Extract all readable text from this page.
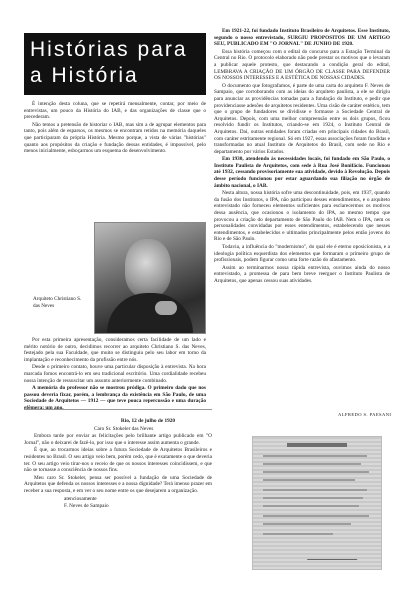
Histórias para
a História

É intenção desta coluna, que se repetirá mensalmente, contar, por meio de entrevistas, um pouco da História do IAB, e das organizações de classe que o precederam.

Não temos a pretensão de historiar o IAB, mas sim a de agrupar elementos para tanto, pois além de esparsos, os mesmos se encontram retidos na memória daqueles que participaram da própria História. Mesmo porque, a vista de várias "histórias" quanto aos propósitos da criação e fundação dessas entidades, é impossível, pelo menos inicialmente, esboçarmos um esquema do desenvolvimento.

Arquiteto Christiano S. das Neves

Por esta primeira apresentação, consideramos certa facilidade de um lado e mérito notório de outro, decidimos recorrer ao arquiteto Christiano S. das Neves, festejado pela sua Faculdade, que muito se distinguiu pelo seu labor em torno da implantação e reconhecimento da profissão entre nós.

Desde o primeiro contato, houve uma particular disposição à entrevista. Na hora marcada fomos encontrá-lo em seu tradicional escritório. Uma cordialidade recebeu nossa intenção de ressuscitar um assunto anteriormente combinado.

A memória do professor não se mostrou pródiga. O primeiro dado que nos passou deveria fixar, porém, a lembrança da existência em São Paulo, de uma Sociedade de Arquitetos — 1912 — que teve pouca repercussão e uma duração efêmera; um ano.

Em 1921-22, foi fundado Instituto Brasileiro de Arquitetos. Esse Instituto, segundo o nosso entrevistado, SURGIU PROPOSITOS DE UM ARTIGO SEU, PUBLICADO EM "O JORNAL" DE JUNHO DE 1920.

Essa história começou com o edital do concurso para a Estação Terminal da Central no Rio. O protocolo elaborado não pode prestar os motivos que o levaram a publicar aquele protesto, que destacando a condição geral do edital, LEMBRAVA A CRIAÇÃO DE UM ÓRGÃO DE CLASSE PARA DEFENDER OS NOSSOS INTERESSES E A ESTÉTICA DE NOSSAS CIDADES.

O documento que fotografamos, é parte de uma carta do arquiteto F. Neves de Sampaio, que corroborando com as ideias do arquiteto paulista, a ele se dirigiu para anunciar as providências tomadas para a fundação do Instituto, e pedir que providenciasse adesões de arquitetos residentes. Uma cisão de caráter estético, tem que o grupo de fundadores se dividisse e formasse a Sociedade Central de Arquitetos. Depois, com uma melhor compreensão entre os dois grupos, ficou resolvido fundir os Institutos, criando-se em 1924, o Instituto Central de Arquitetos. Daí, outras entidades foram criadas em principais cidades do Brasil, com caráter estritamente regional. Só em 1927, essas associações foram fundidas e transformadas no atual Instituto de Arquitetos do Brasil, com sede no Rio e departamento por vários Estados.

Em 1930, atendendo às necessidades locais, foi fundado em São Paulo, o Instituto Paulista de Arquitetos, com sede à Rua José Bonifácio. Funcionou até 1932, cessando provisoriamente sua atividade, devido à Revolução. Depois desse período funcionou por estar aguardando sua filiação no órgão de âmbito nacional, o IAB.

Nesta altura, nossa história sofre uma descontinuidade, pois, em 1937, quando da fusão dos Institutos, o IPA, não participou desses entendimentos, e o arquiteto entrevistado não forneceu elementos suficientes para esclarecermos os motivos dessa ausência, que ocasionou o isolamento do IPA, ao mesmo tempo que provocou a criação do departamento de São Paulo do IAB. Nem o IPA, nem os personalidades convidadas por esses entendimentos, estabelecendo que nesses entendimentos, e estabelecidos e ultimados principalmente pelos então jovens do Rio e de São Paulo.

Todavia, a influência do "modernismo", do qual ele é eterno oposicionista, e a ideologia política esquerdista dos elementos que formaram o primeiro grupo de profissionais, podem figurar como uma forte razão do afastamento.

Assim ao terminarmos nossa rápida entrevista, ouvimos ainda do nosso entrevistado, a promessa de para bem breve reerguer o Instituto Paulista de Arquitetos, que apenas cessou suas atividades.

ALFREDO S. PAESANI

Rio, 12 de julho de 1920

Caro Sr. Stokeler das Neves

Embora tarde por enviar as felicitações pelo brilhante artigo publicado em "O Jornal", não o deixarei de fazê-lo, por isso que o interesse assim aumenta o grande.

É que, ao trocarmos ideias sobre a futura Sociedade de Arquitetos Brasileiros e residentes no Brasil. O seu artigo veio bem, porém cedo, que é exatamente o que deveria ter. O seu artigo veio tirar-nos o receio de que os nossos interesses coincidissem, e que não se tornasse a consciência de nossos fins.

Meu caro Sr. Stokeler, pensa ser possível a fundação de uma Sociedade de Arquitetos que defenda os nossos interesses e a nossa dignidade? Terá imenso prazer em receber a sua resposta, e em ver o seu nome entre os que desejarem a organização.

atenciosamente

F. Neves de Sampaio
